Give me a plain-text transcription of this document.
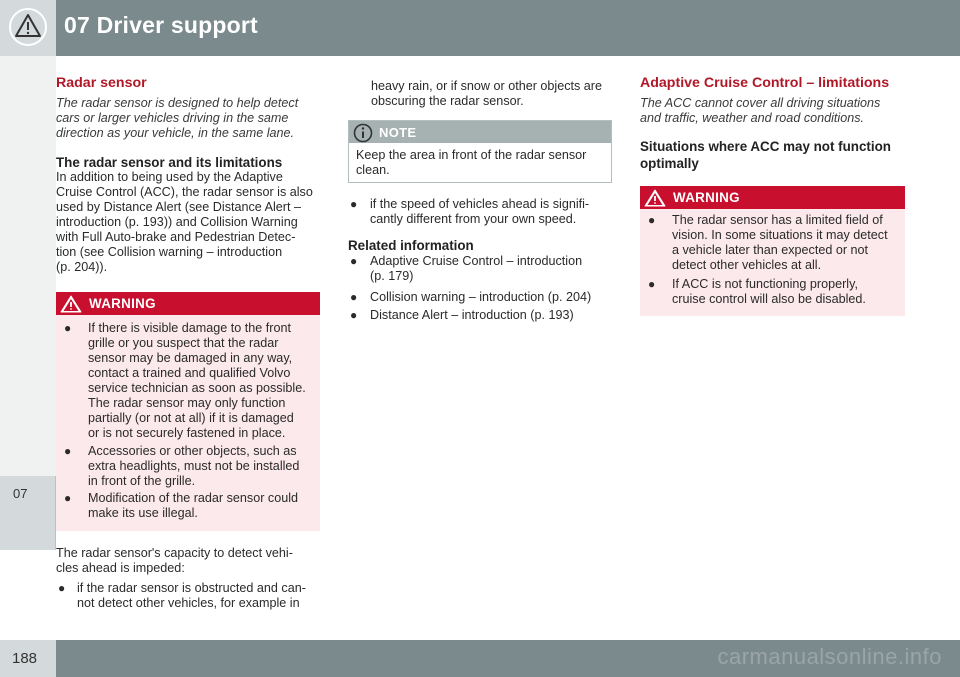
07 Driver support
07
Radar sensor
The radar sensor is designed to help detect
cars or larger vehicles driving in the same
direction as your vehicle, in the same lane.
The radar sensor and its limitations
In addition to being used by the Adaptive
Cruise Control (ACC), the radar sensor is also
used by Distance Alert (see Distance Alert –
introduction (p. 193)) and Collision Warning
with Full Auto-brake and Pedestrian Detec-
tion (see Collision warning – introduction
(p. 204)).
WARNING
● If there is visible damage to the front
grille or you suspect that the radar
sensor may be damaged in any way,
contact a trained and qualified Volvo
service technician as soon as possible.
The radar sensor may only function
partially (or not at all) if it is damaged
or is not securely fastened in place.
● Accessories or other objects, such as
extra headlights, must not be installed
in front of the grille.
● Modification of the radar sensor could
make its use illegal.
The radar sensor's capacity to detect vehi-
cles ahead is impeded:
● if the radar sensor is obstructed and can-
not detect other vehicles, for example in
heavy rain, or if snow or other objects are
obscuring the radar sensor.
NOTE
Keep the area in front of the radar sensor
clean.
● if the speed of vehicles ahead is signifi-
cantly different from your own speed.
Related information
● Adaptive Cruise Control – introduction
(p. 179)
● Collision warning – introduction (p. 204)
● Distance Alert – introduction (p. 193)
Adaptive Cruise Control – limitations
The ACC cannot cover all driving situations
and traffic, weather and road conditions.
Situations where ACC may not function
optimally
WARNING
● The radar sensor has a limited field of
vision. In some situations it may detect
a vehicle later than expected or not
detect other vehicles at all.
● If ACC is not functioning properly,
cruise control will also be disabled.
188	carmanualsonline.info
